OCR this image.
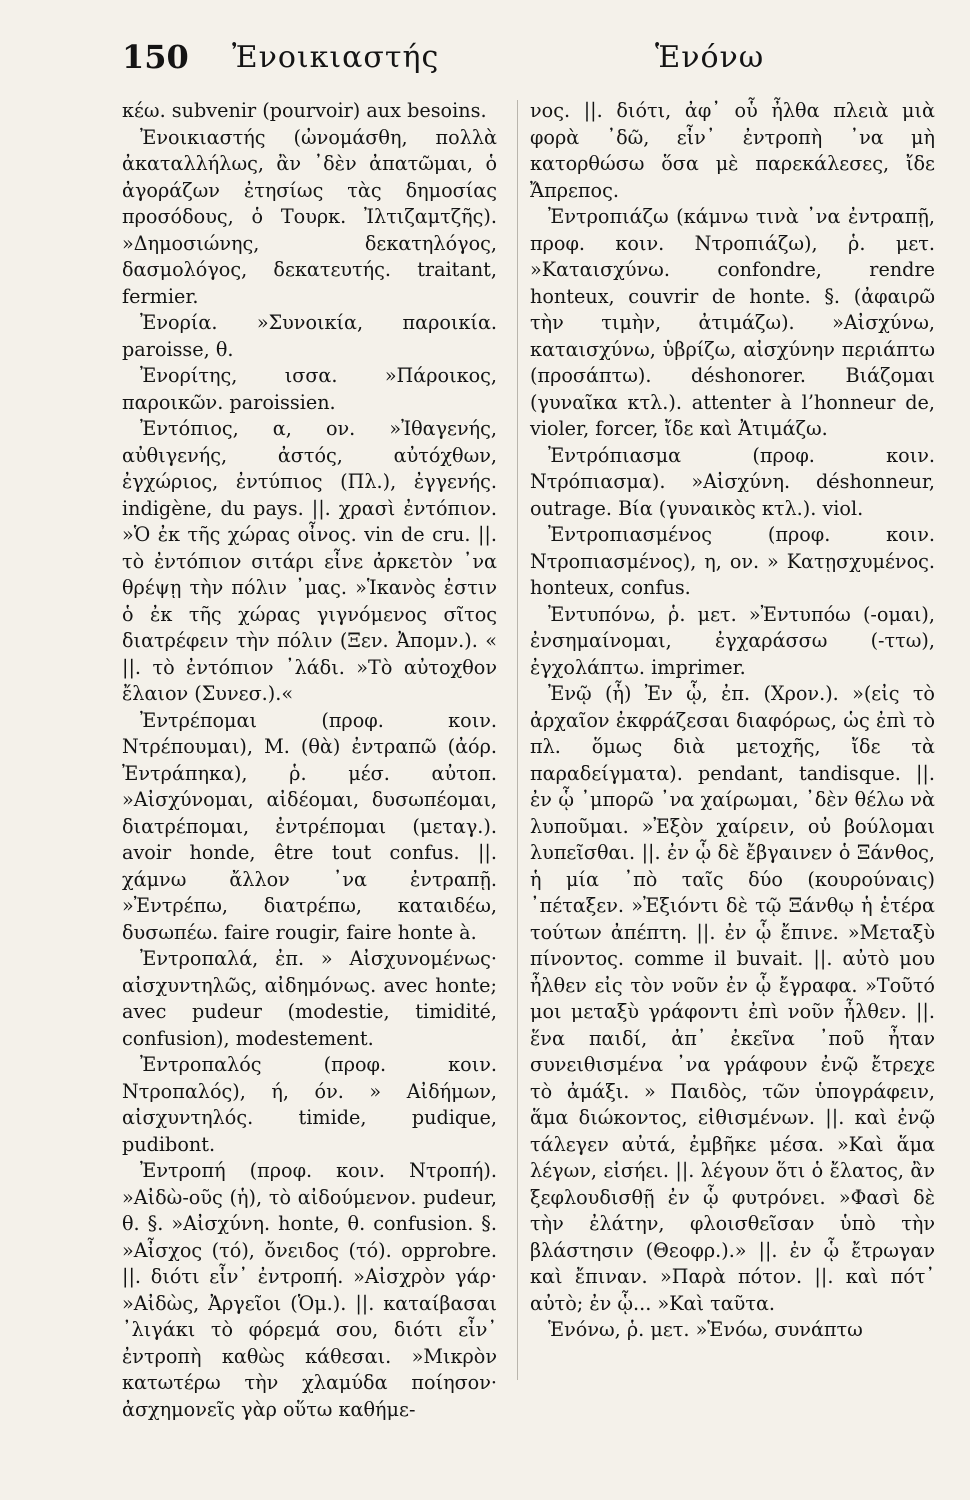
150 Ἐνοικιαστής	Ἑνόνω

κέω. subvenir (pourvoir) aux besoins.

Ἐνοικιαστής (ὠνομάσθη, πολλὰ ἀκαταλλήλως, ἂν ᾿δὲν ἀπατῶμαι, ὁ ἀγοράζων ἐτησίως τὰς δημοσίας προσόδους, ὁ Τουρκ. Ἰλτιζαμτζῆς). »Δημοσιώνης, δεκατηλόγος, δασμολόγος, δεκατευτής. traitant, fermier.

Ἐνορία. »Συνοικία, παροικία. paroisse, θ.

Ἐνορίτης, ισσα. »Πάροικος, παροικῶν. paroissien.

Ἐντόπιος, α, ον. »Ἰθαγενής, αὐθιγενής, ἀστός, αὐτόχθων, ἐγχώριος, ἐντύπιος (Πλ.), ἐγγενής. indigène, du pays. ||. χρασὶ ἐντόπιον. »Ὁ ἐκ τῆς χώρας οἶνος. vin de cru. ||. τὸ ἐντόπιον σιτάρι εἶνε ἀρκετὸν ᾿να θρέψῃ τὴν πόλιν ᾿μας. »Ἱκανὸς ἐστιν ὁ ἐκ τῆς χώρας γιγνόμενος σῖτος διατρέφειν τὴν πόλιν (Ξεν. Ἀπομν.). « ||. τὸ ἐντόπιον ᾿λάδι. »Τὸ αὐτοχθον ἔλαιον (Συνεσ.).«

Ἐντρέπομαι (προφ. κοιν. Ντρέπουμαι), Μ. (θὰ) ἐντραπῶ (ἀόρ. Ἐντράπηκα), ῥ. μέσ. αὐτοπ. »Αἰσχύνομαι, αἰδέομαι, δυσωπέομαι, διατρέπομαι, ἐντρέπομαι (μεταγ.). avoir honde, être tout confus. ||. χάμνω ἄλλον ᾿να ἐντραπῇ. »Ἐντρέπω, διατρέπω, καταιδέω, δυσωπέω. faire rougir, faire honte à.

Ἐντροπαλά, ἐπ. » Αἰσχυνομένως· αἰσχυντηλῶς, αἰδημόνως. avec honte; avec pudeur (modestie, timidité, confusion), modestement.

Ἐντροπαλός (προφ. κοιν. Ντροπαλός), ή, όν. » Αἰδήμων, αἰσχυντηλός. timide, pudique, pudibont.

Ἐντροπή (προφ. κοιν. Ντροπή). »Αἰδὼ-οῦς (ἡ), τὸ αἰδούμενον. pudeur, θ. §. »Αἰσχύνη. honte, θ. confusion. §. »Αἶσχος (τό), ὄνειδος (τό). opprobre. ||. διότι εἶν᾿ ἐντροπή. »Αἰσχρὸν γάρ· »Αἰδὼς, Ἀργεῖοι (Ὁμ.). ||. καταίβασαι ᾿λιγάκι τὸ φόρεμά σου, διότι εἶν᾿ ἐντροπὴ καθὼς κάθεσαι. »Μικρὸν κατωτέρω τὴν χλαμύδα ποίησον· ἀσχημονεῖς γὰρ οὕτω καθήμε-

νος. ||. διότι, ἀφ᾿ οὗ ἦλθα πλειὰ μιὰ φορὰ ᾿δῶ, εἶν᾿ ἐντροπὴ ᾿να μὴ κατορθώσω ὅσα μὲ παρεκάλεσες, ἴδε Ἄπρεπος.

Ἐντροπιάζω (κάμνω τινὰ ᾿να ἐντραπῇ, προφ. κοιν. Ντροπιάζω), ῥ. μετ. »Καταισχύνω. confondre, rendre honteux, couvrir de honte. §. (ἀφαιρῶ τὴν τιμὴν, ἀτιμάζω). »Αἰσχύνω, καταισχύνω, ὑβρίζω, αἰσχύνην περιάπτω (προσάπτω). déshonorer. Βιάζομαι (γυναῖκα κτλ.). attenter à l’honneur de, violer, forcer, ἴδε καὶ Ἀτιμάζω.

Ἐντρόπιασμα (προφ. κοιν. Ντρόπιασμα). »Αἰσχύνη. déshonneur, outrage. Βία (γυναικὸς κτλ.). viol.

Ἐντροπιασμένος (προφ. κοιν. Ντροπιασμένος), η, ον. » Κατῃσχυμένος. honteux, confus.

Ἐντυπόνω, ῥ. μετ. »Ἐντυπόω (-ομαι), ἐνσημαίνομαι, ἐγχαράσσω (-ττω), ἐγχολάπτω. imprimer.

Ἐνῷ (ἧ) Ἐν ᾧ, ἐπ. (Χρον.). »(εἰς τὸ ἀρχαῖον ἐκφράζεσαι διαφόρως, ὡς ἐπὶ τὸ πλ. ὅμως διὰ μετοχῆς, ἴδε τὰ παραδείγματα). pendant, tandisque. ||. ἐν ᾧ ᾿μπορῶ ᾿να χαίρωμαι, ᾿δὲν θέλω νὰ λυποῦμαι. »Ἐξὸν χαίρειν, οὐ βούλομαι λυπεῖσθαι. ||. ἐν ᾧ δὲ ἔβγαινεν ὁ Ξάνθος, ἡ μία ᾿πὸ ταῖς δύο (κουρούναις) ᾿πέταξεν. »Ἐξιόντι δὲ τῷ Ξάνθῳ ἡ ἑτέρα τούτων ἀπέπτη. ||. ἐν ᾧ ἔπινε. »Μεταξὺ πίνοντος. comme il buvait. ||. αὐτὸ μου ἦλθεν εἰς τὸν νοῦν ἐν ᾧ ἔγραφα. »Τοῦτό μοι μεταξὺ γράφοντι ἐπὶ νοῦν ἦλθεν. ||. ἕνα παιδί, ἀπ᾿ ἐκεῖνα ᾿ποῦ ἦταν συνειθισμένα ᾿να γράφουν ἐνῷ ἔτρεχε τὸ ἀμάξι. » Παιδὸς, τῶν ὑπογράφειν, ἅμα διώκοντος, εἰθισμένων. ||. καὶ ἐνῷ τάλεγεν αὐτά, ἐμβῆκε μέσα. »Καὶ ἅμα λέγων, εἰσήει. ||. λέγουν ὅτι ὁ ἔλατος, ἂν ξεφλουδισθῇ ἐν ᾧ φυτρόνει. »Φασὶ δὲ τὴν ἐλάτην, φλοισθεῖσαν ὑπὸ τὴν βλάστησιν (Θεοφρ.).» ||. ἐν ᾧ ἔτρωγαν καὶ ἔπιναν. »Παρὰ πότον. ||. καὶ πότ᾿ αὐτὸ; ἐν ᾧ... »Καὶ ταῦτα.

Ἑνόνω, ῥ. μετ. »Ἑνόω, συνάπτω
